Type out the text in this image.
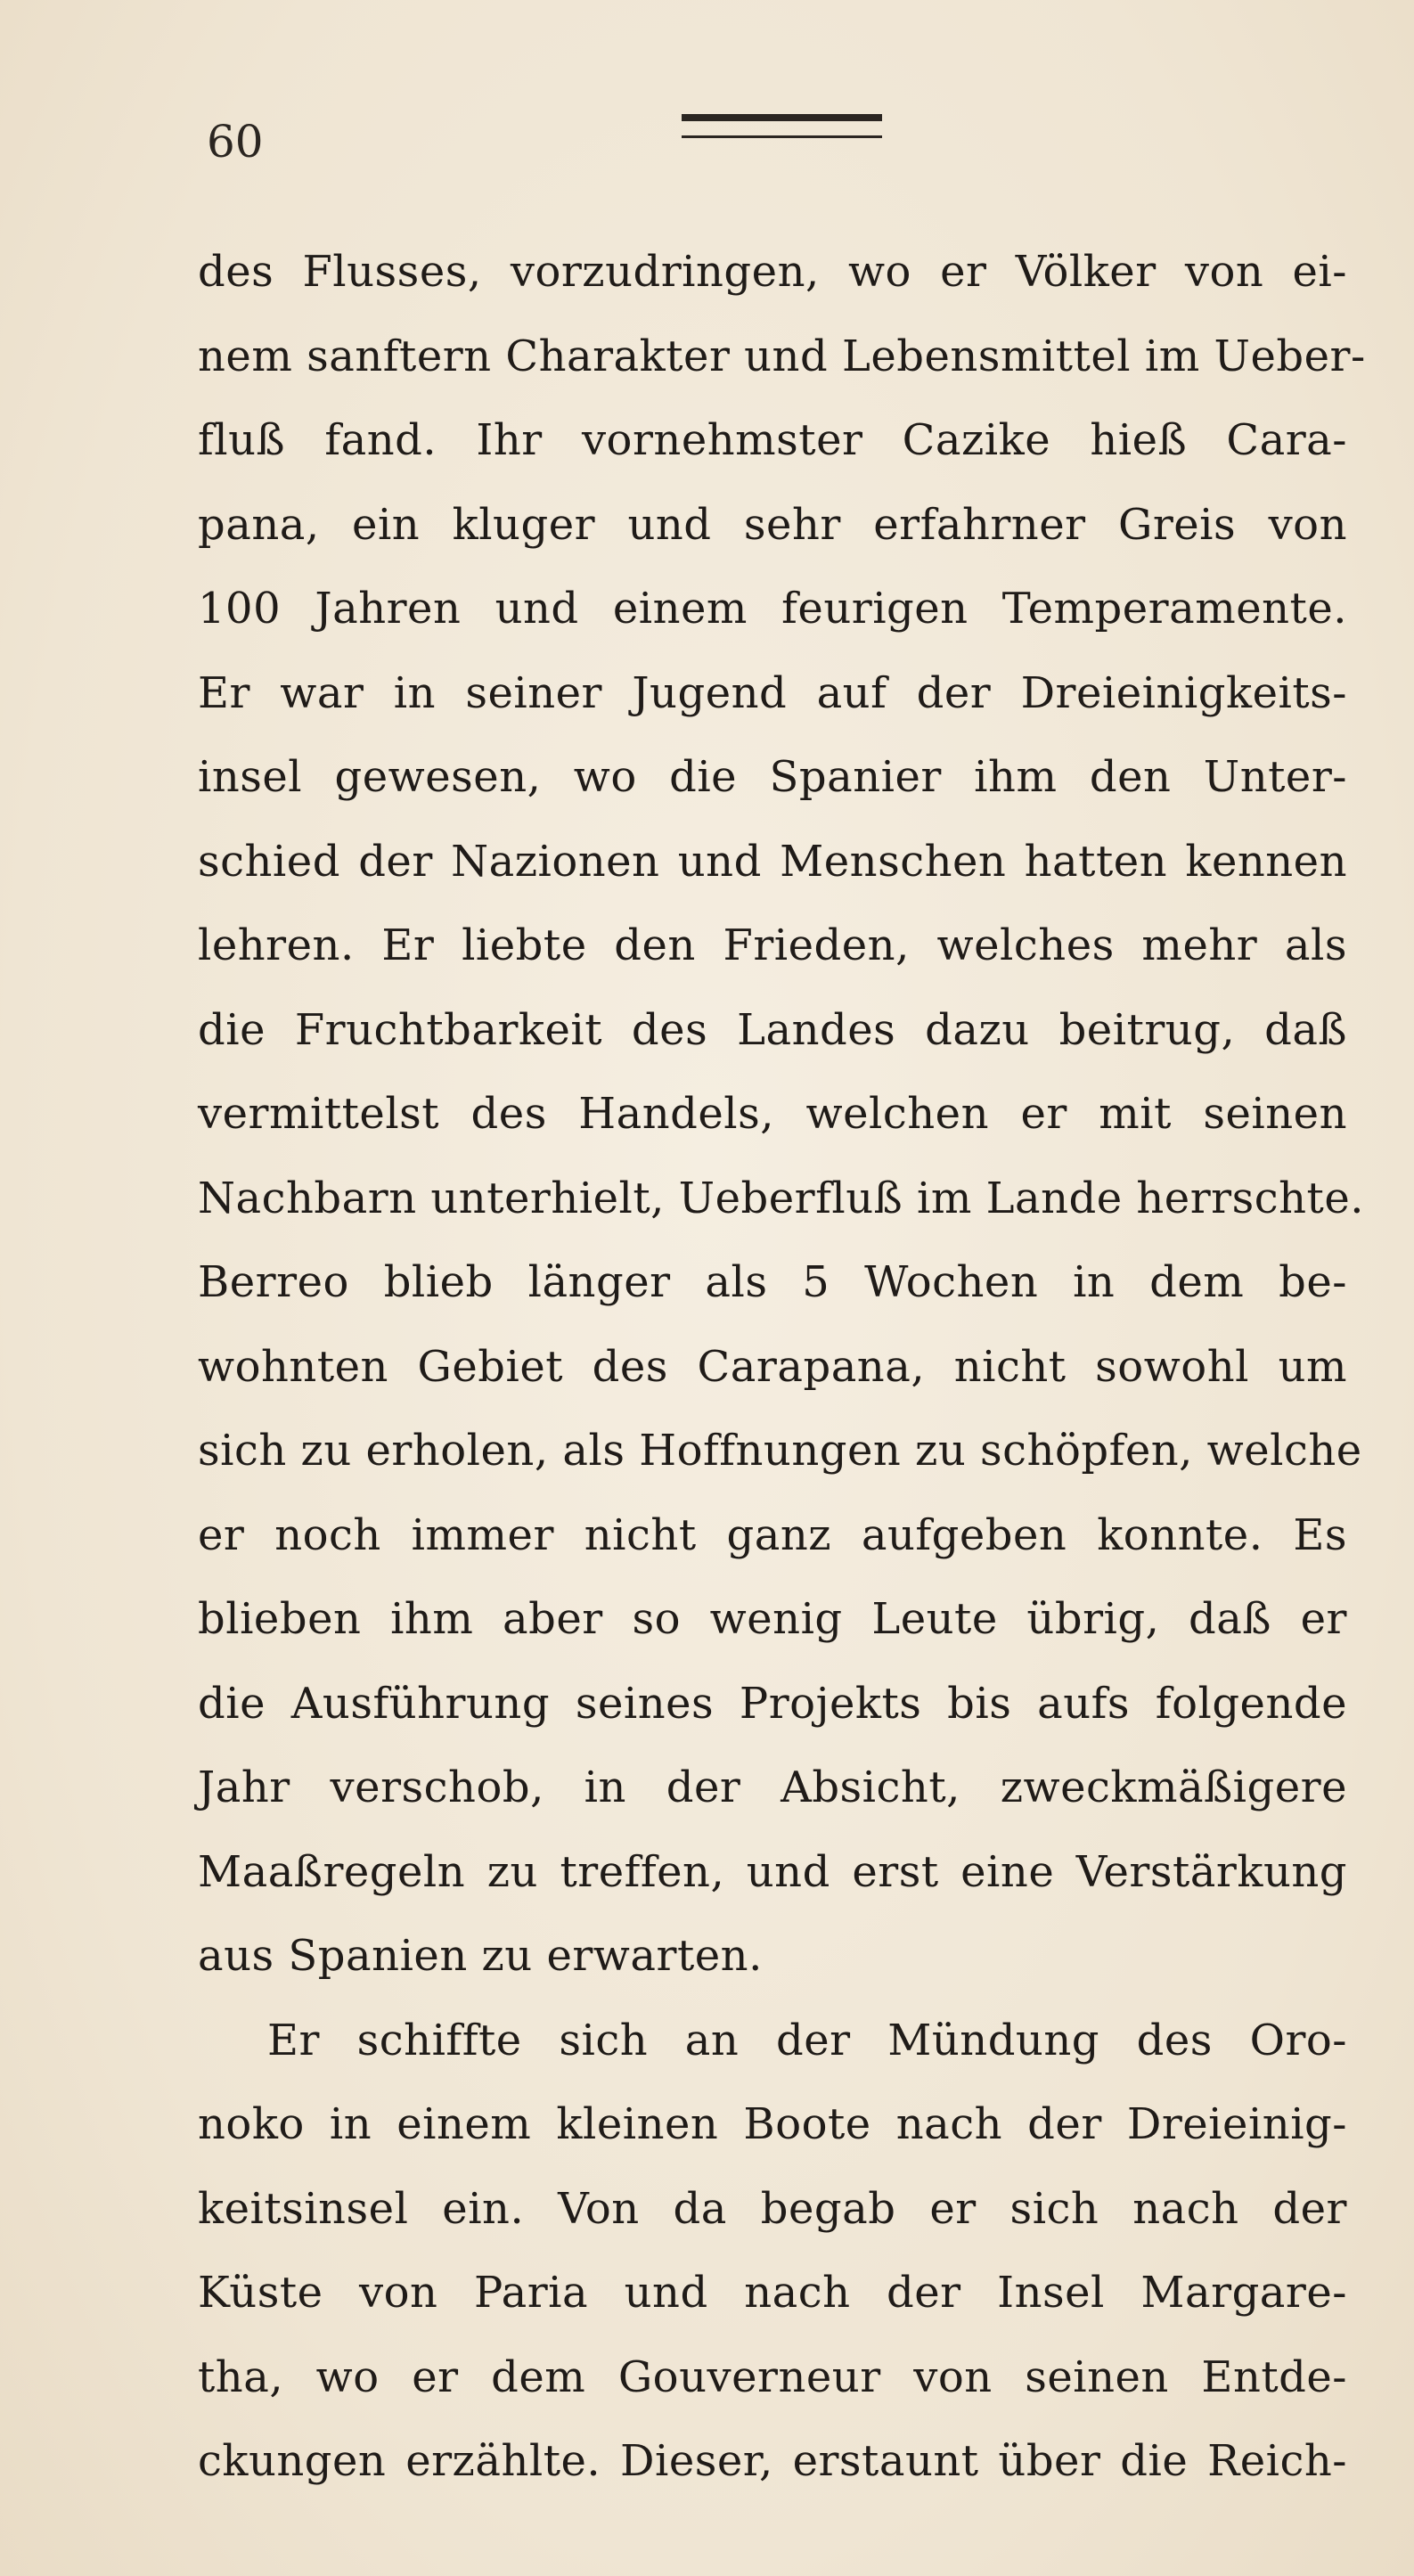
60
des Flusses, vorzudringen, wo er Völker von ei-
nem sanftern Charakter und Lebensmittel im Ueber-
fluß fand. Ihr vornehmster Cazike hieß Cara-
pana, ein kluger und sehr erfahrner Greis von
100 Jahren und einem feurigen Temperamente.
Er war in seiner Jugend auf der Dreieinigkeits-
insel gewesen, wo die Spanier ihm den Unter-
schied der Nazionen und Menschen hatten kennen
lehren. Er liebte den Frieden, welches mehr als
die Fruchtbarkeit des Landes dazu beitrug, daß
vermittelst des Handels, welchen er mit seinen
Nachbarn unterhielt, Ueberfluß im Lande herrschte.
Berreo blieb länger als 5 Wochen in dem be-
wohnten Gebiet des Carapana, nicht sowohl um
sich zu erholen, als Hoffnungen zu schöpfen, welche
er noch immer nicht ganz aufgeben konnte. Es
blieben ihm aber so wenig Leute übrig, daß er
die Ausführung seines Projekts bis aufs folgende
Jahr verschob, in der Absicht, zweckmäßigere
Maaßregeln zu treffen, und erst eine Verstärkung
aus Spanien zu erwarten.
Er schiffte sich an der Mündung des Oro-
noko in einem kleinen Boote nach der Dreieinig-
keitsinsel ein. Von da begab er sich nach der
Küste von Paria und nach der Insel Margare-
tha, wo er dem Gouverneur von seinen Entde-
ckungen erzählte. Dieser, erstaunt über die Reich-
